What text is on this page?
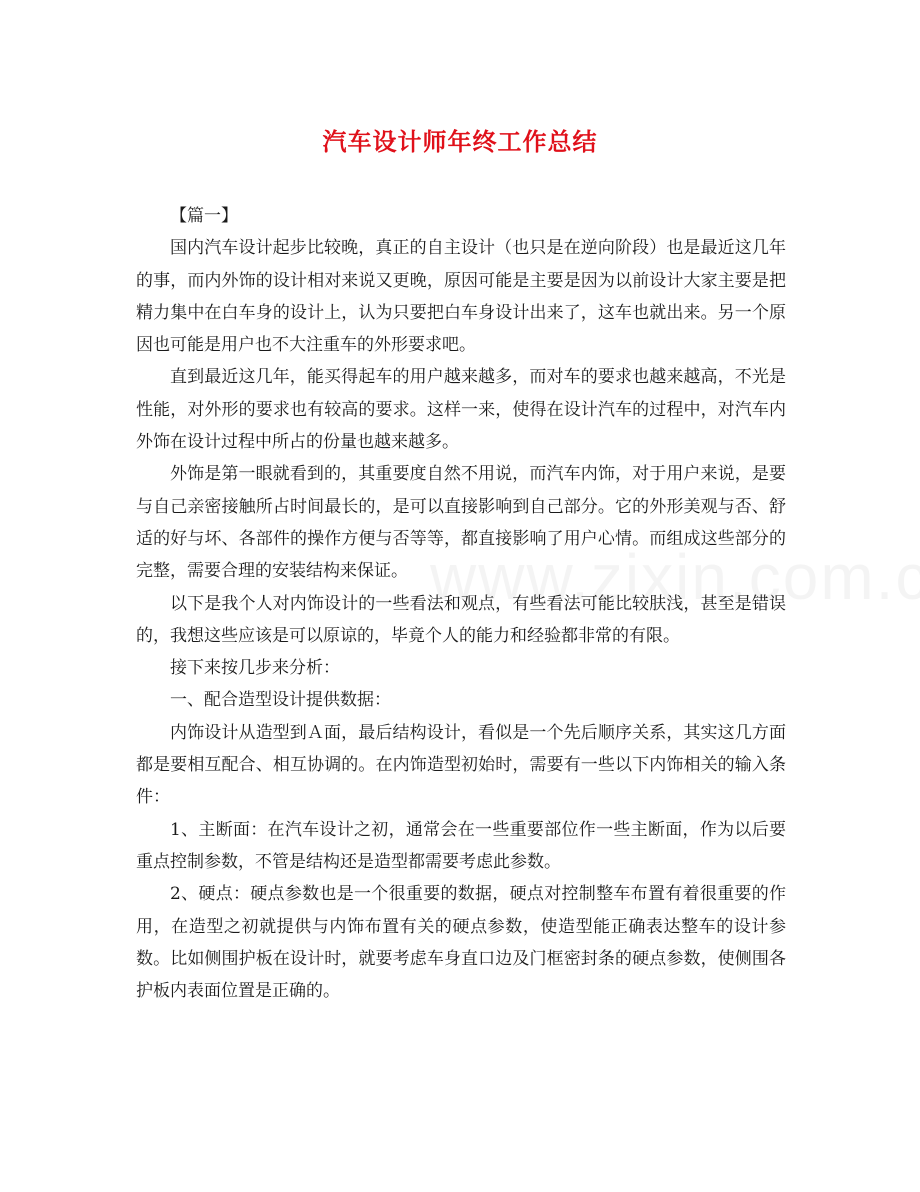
汽车设计师年终工作总结

【篇一】

国内汽车设计起步比较晚，真正的自主设计（也只是在逆向阶段）也是最近这几年的事，而内外饰的设计相对来说又更晚，原因可能是主要是因为以前设计大家主要是把精力集中在白车身的设计上，认为只要把白车身设计出来了，这车也就出来。另一个原因也可能是用户也不大注重车的外形要求吧。

直到最近这几年，能买得起车的用户越来越多，而对车的要求也越来越高，不光是性能，对外形的要求也有较高的要求。这样一来，使得在设计汽车的过程中，对汽车内外饰在设计过程中所占的份量也越来越多。

外饰是第一眼就看到的，其重要度自然不用说，而汽车内饰，对于用户来说，是要与自己亲密接触所占时间最长的，是可以直接影响到自己部分。它的外形美观与否、舒适的好与坏、各部件的操作方便与否等等，都直接影响了用户心情。而组成这些部分的完整，需要合理的安装结构来保证。

以下是我个人对内饰设计的一些看法和观点，有些看法可能比较肤浅，甚至是错误的，我想这些应该是可以原谅的，毕竟个人的能力和经验都非常的有限。

接下来按几步来分析：

一、配合造型设计提供数据：

内饰设计从造型到Ａ面，最后结构设计，看似是一个先后顺序关系，其实这几方面都是要相互配合、相互协调的。在内饰造型初始时，需要有一些以下内饰相关的输入条件：

1、主断面：在汽车设计之初，通常会在一些重要部位作一些主断面，作为以后要重点控制参数，不管是结构还是造型都需要考虑此参数。

2、硬点：硬点参数也是一个很重要的数据，硬点对控制整车布置有着很重要的作用，在造型之初就提供与内饰布置有关的硬点参数，使造型能正确表达整车的设计参数。比如侧围护板在设计时，就要考虑车身直口边及门框密封条的硬点参数，使侧围各护板内表面位置是正确的。
